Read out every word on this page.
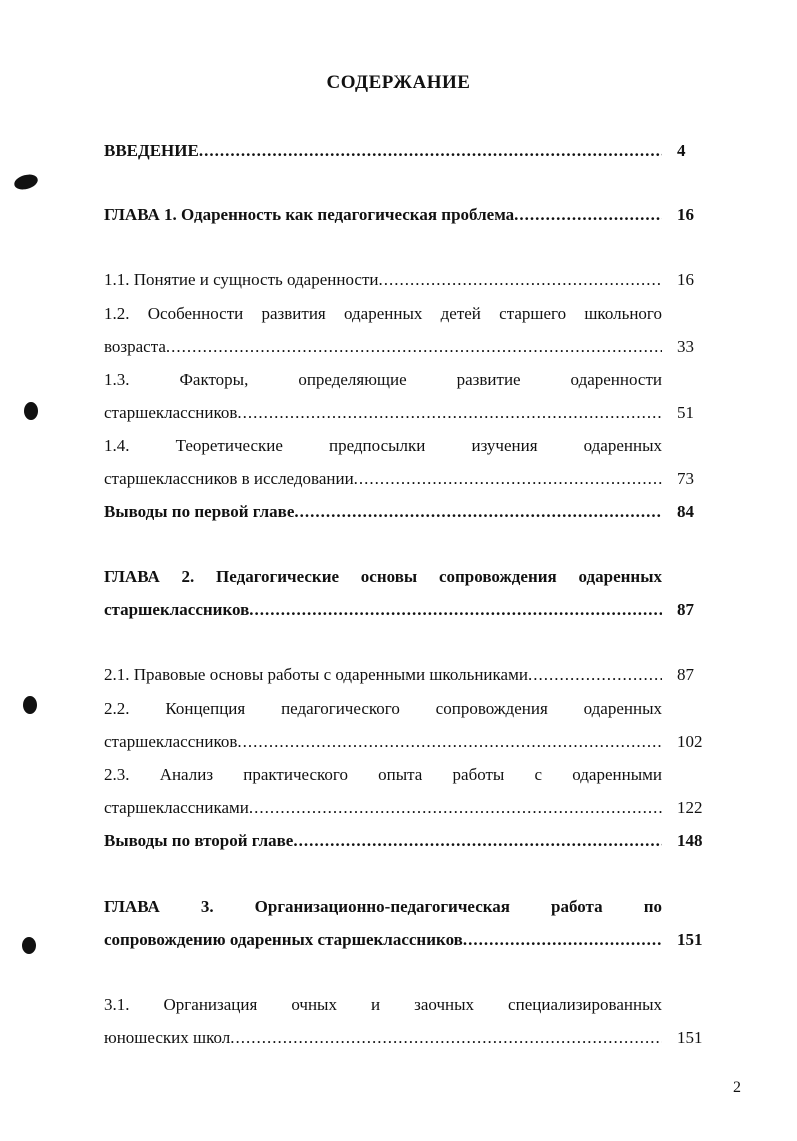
СОДЕРЖАНИЕ
ВВЕДЕНИЕ .....	4
ГЛАВА 1. Одаренность как педагогическая проблема .....	16
1.1. Понятие и сущность одаренности .....	16
1.2. Особенности развития одаренных детей старшего школьного
возраста .....	33
1.3. Факторы, определяющие развитие одаренности
старшеклассников .....	51
1.4. Теоретические предпосылки изучения одаренных
старшеклассников в исследовании .....	73
Выводы по первой главе .....	84
ГЛАВА 2. Педагогические основы сопровождения одаренных
старшеклассников .....	87
2.1. Правовые основы работы с одаренными школьниками .....	87
2.2. Концепция педагогического сопровождения одаренных
старшеклассников .....	102
2.3. Анализ практического опыта работы с одаренными
старшеклассниками .....	122
Выводы по второй главе .....	148
ГЛАВА 3. Организационно-педагогическая работа по
сопровождению одаренных старшеклассников .....	151
3.1. Организация очных и заочных специализированных
юношеских школ .....	151
2
